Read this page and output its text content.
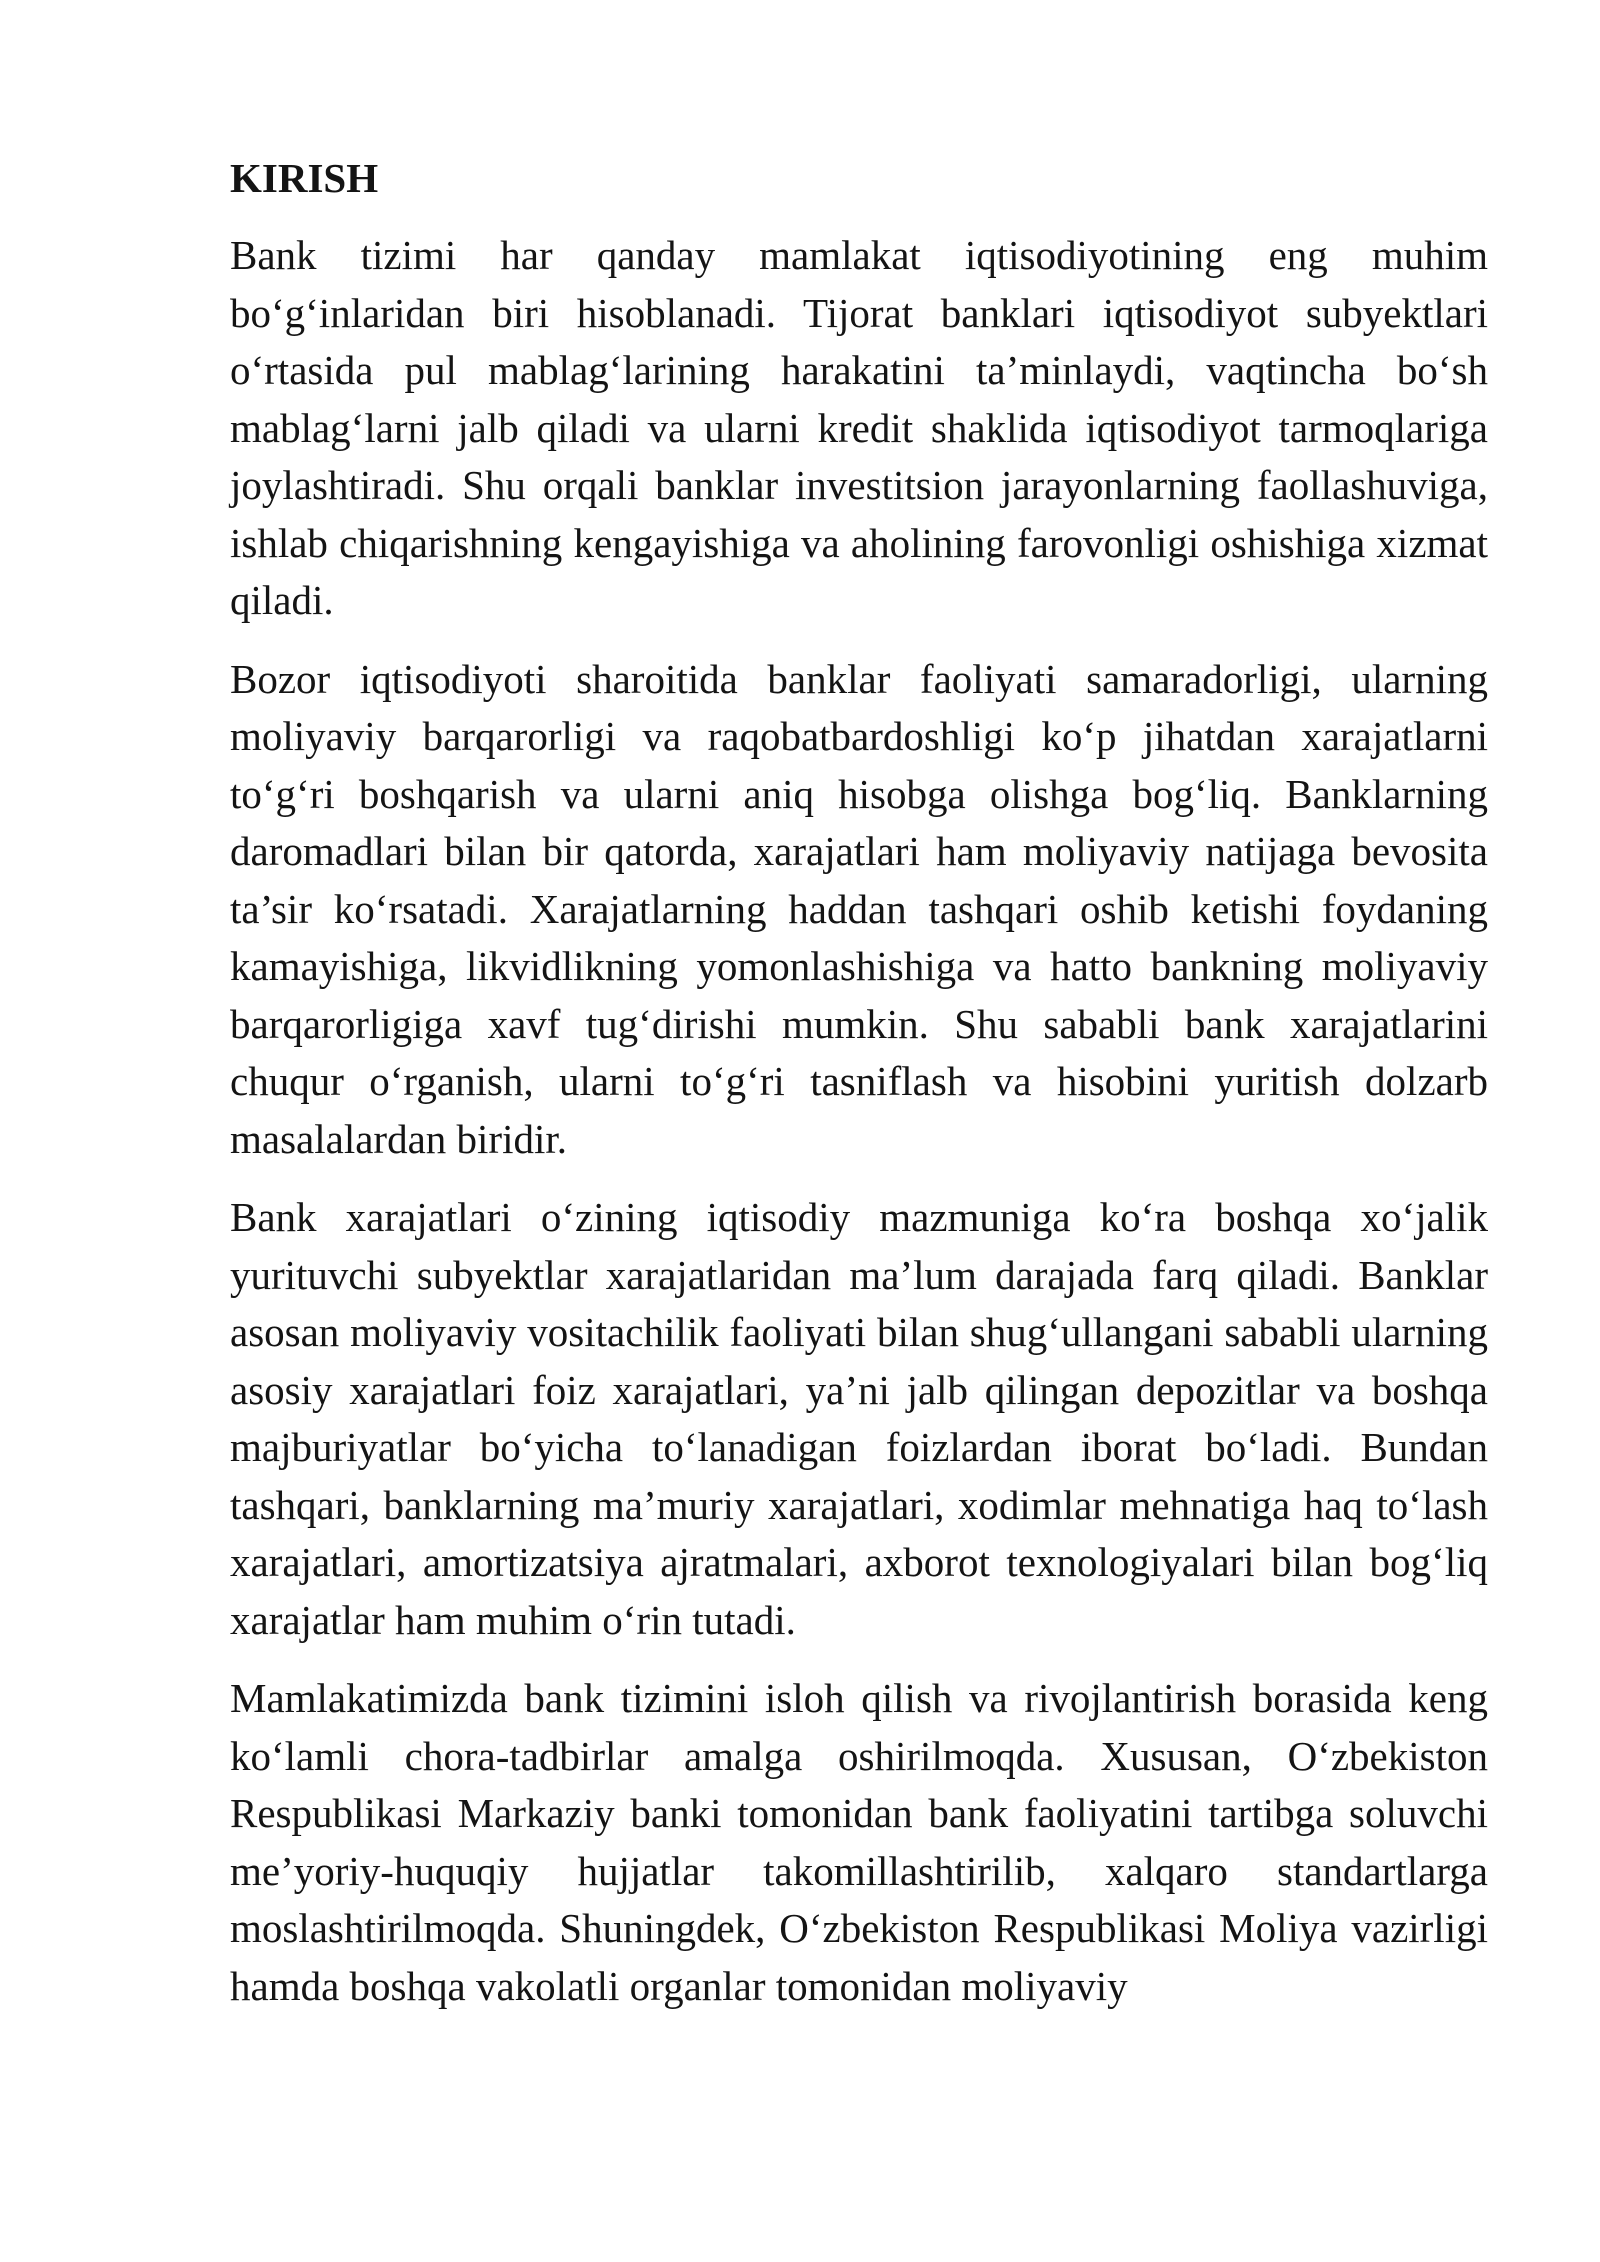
KIRISH

Bank tizimi har qanday mamlakat iqtisodiyotining eng muhim bo‘g‘inlaridan biri hisoblanadi. Tijorat banklari iqtisodiyot subyektlari o‘rtasida pul mablag‘larining harakatini ta’minlaydi, vaqtincha bo‘sh mablag‘larni jalb qiladi va ularni kredit shaklida iqtisodiyot tarmoqlariga joylashtiradi. Shu orqali banklar investitsion jarayonlarning faollashuviga, ishlab chiqarishning kengayishiga va aholining farovonligi oshishiga xizmat qiladi.

Bozor iqtisodiyoti sharoitida banklar faoliyati samaradorligi, ularning moliyaviy barqarorligi va raqobatbardoshligi ko‘p jihatdan xarajatlarni to‘g‘ri boshqarish va ularni aniq hisobga olishga bog‘liq. Banklarning daromadlari bilan bir qatorda, xarajatlari ham moliyaviy natijaga bevosita ta’sir ko‘rsatadi. Xarajatlarning haddan tashqari oshib ketishi foydaning kamayishiga, likvidlikning yomonlashishiga va hatto bankning moliyaviy barqarorligiga xavf tug‘dirishi mumkin. Shu sababli bank xarajatlarini chuqur o‘rganish, ularni to‘g‘ri tasniflash va hisobini yuritish dolzarb masalalardan biridir.

Bank xarajatlari o‘zining iqtisodiy mazmuniga ko‘ra boshqa xo‘jalik yurituvchi subyektlar xarajatlaridan ma’lum darajada farq qiladi. Banklar asosan moliyaviy vositachilik faoliyati bilan shug‘ullangani sababli ularning asosiy xarajatlari foiz xarajatlari, ya’ni jalb qilingan depozitlar va boshqa majburiyatlar bo‘yicha to‘lanadigan foizlardan iborat bo‘ladi. Bundan tashqari, banklarning ma’muriy xarajatlari, xodimlar mehnatiga haq to‘lash xarajatlari, amortizatsiya ajratmalari, axborot texnologiyalari bilan bog‘liq xarajatlar ham muhim o‘rin tutadi.

Mamlakatimizda bank tizimini isloh qilish va rivojlantirish borasida keng ko‘lamli chora-tadbirlar amalga oshirilmoqda. Xususan, O‘zbekiston Respublikasi Markaziy banki tomonidan bank faoliyatini tartibga soluvchi me’yoriy-huquqiy hujjatlar takomillashtirilib, xalqaro standartlarga moslashtirilmoqda. Shuningdek, O‘zbekiston Respublikasi Moliya vazirligi hamda boshqa vakolatli organlar tomonidan moliyaviy
